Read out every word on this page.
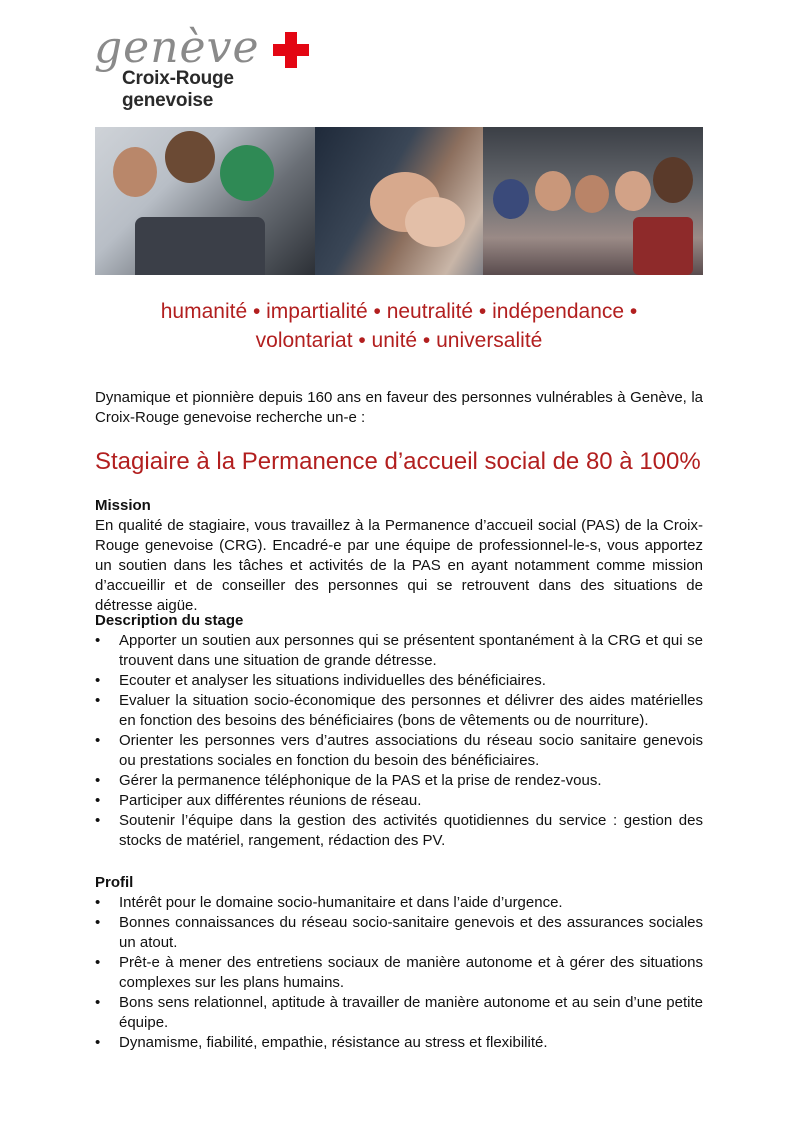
genève
Croix-Rouge genevoise
humanité • impartialité • neutralité • indépendance •
volontariat • unité • universalité
Dynamique et pionnière depuis 160 ans en faveur des personnes vulnérables à Genève, la Croix-Rouge genevoise recherche un-e :
Stagiaire à la Permanence d’accueil social de 80 à 100%
Mission

En qualité de stagiaire, vous travaillez à la Permanence d’accueil social (PAS) de la Croix-Rouge genevoise (CRG). Encadré-e par une équipe de professionnel-le-s, vous apportez un soutien dans les tâches et activités de la PAS en ayant notamment comme mission d’accueillir et de conseiller des personnes qui se retrouvent dans des situations de détresse aigüe.

Description du stage
• Apporter un soutien aux personnes qui se présentent spontanément à la CRG et qui se trouvent dans une situation de grande détresse.
• Ecouter et analyser les situations individuelles des bénéficiaires.
• Evaluer la situation socio-économique des personnes et délivrer des aides matérielles en fonction des besoins des bénéficiaires (bons de vêtements ou de nourriture).
• Orienter les personnes vers d’autres associations du réseau socio sanitaire genevois ou prestations sociales en fonction du besoin des bénéficiaires.
• Gérer la permanence téléphonique de la PAS et la prise de rendez-vous.
• Participer aux différentes réunions de réseau.
• Soutenir l’équipe dans la gestion des activités quotidiennes du service : gestion des stocks de matériel, rangement, rédaction des PV.
Profil
• Intérêt pour le domaine socio-humanitaire et dans l’aide d’urgence.
• Bonnes connaissances du réseau socio-sanitaire genevois et des assurances sociales un atout.
• Prêt-e à mener des entretiens sociaux de manière autonome et à gérer des situations complexes sur les plans humains.
• Bons sens relationnel, aptitude à travailler de manière autonome et au sein d’une petite équipe.
• Dynamisme, fiabilité, empathie, résistance au stress et flexibilité.
